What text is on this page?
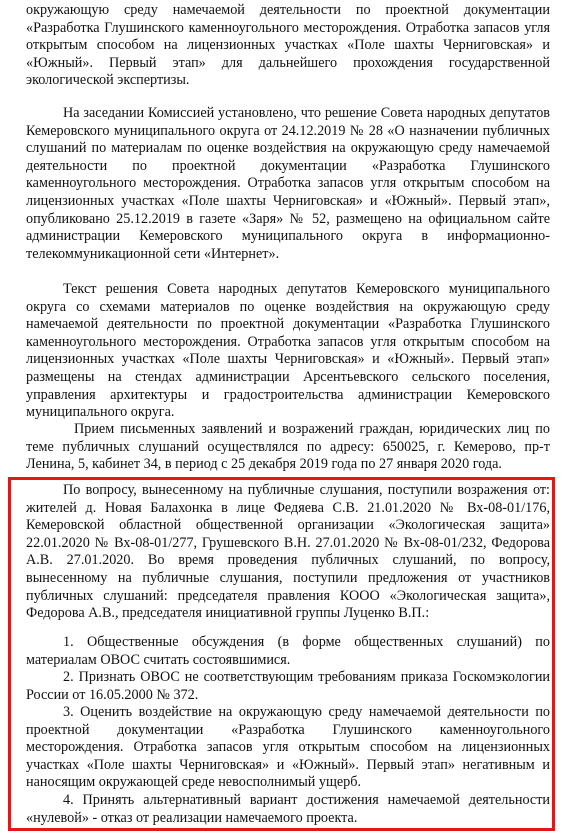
окружающую среду намечаемой деятельности по проектной документации «Разработка Глушинского каменноугольного месторождения. Отработка запасов угля открытым способом на лицензионных участках «Поле шахты Черниговская» и «Южный». Первый этап» для дальнейшего прохождения государственной экологической экспертизы.

На заседании Комиссией установлено, что решение Совета народных депутатов Кемеровского муниципального округа от 24.12.2019 № 28 «О назначении публичных слушаний по материалам по оценке воздействия на окружающую среду намечаемой деятельности по проектной документации «Разработка Глушинского каменноугольного месторождения. Отработка запасов угля открытым способом на лицензионных участках «Поле шахты Черниговская» и «Южный». Первый этап», опубликовано 25.12.2019 в газете «Заря» № 52, размещено на официальном сайте администрации Кемеровского муниципального округа в информационно-телекоммуникационной сети «Интернет».

Текст решения Совета народных депутатов Кемеровского муниципального округа со схемами материалов по оценке воздействия на окружающую среду намечаемой деятельности по проектной документации «Разработка Глушинского каменноугольного месторождения. Отработка запасов угля открытым способом на лицензионных участках «Поле шахты Черниговская» и «Южный». Первый этап» размещены на стендах администрации Арсентьевского сельского поселения, управления архитектуры и градостроительства администрации Кемеровского муниципального округа.

Прием письменных заявлений и возражений граждан, юридических лиц по теме публичных слушаний осуществлялся по адресу: 650025, г. Кемерово, пр-т Ленина, 5, кабинет 34, в период с 25 декабря 2019 года по 27 января 2020 года.

По вопросу, вынесенному на публичные слушания, поступили возражения от: жителей д. Новая Балахонка в лице Федяева С.В. 21.01.2020 № Вх-08-01/176, Кемеровской областной общественной организации «Экологическая защита» 22.01.2020 № Вх-08-01/277, Грушевского В.Н. 27.01.2020 № Вх-08-01/232, Федорова А.В. 27.01.2020. Во время проведения публичных слушаний, по вопросу, вынесенному на публичные слушания, поступили предложения от участников публичных слушаний: председателя правления КООО «Экологическая защита», Федорова А.В., председателя инициативной группы Луценко В.П.:

1. Общественные обсуждения (в форме общественных слушаний) по материалам ОВОС считать состоявшимися.

2. Признать ОВОС не соответствующим требованиям приказа Госкомэкологии России от 16.05.2000 № 372.

3. Оценить воздействие на окружающую среду намечаемой деятельности по проектной документации «Разработка Глушинского каменноугольного месторождения. Отработка запасов угля открытым способом на лицензионных участках «Поле шахты Черниговская» и «Южный». Первый этап» негативным и наносящим окружающей среде невосполнимый ущерб.

4. Принять альтернативный вариант достижения намечаемой деятельности «нулевой» - отказ от реализации намечаемого проекта.
